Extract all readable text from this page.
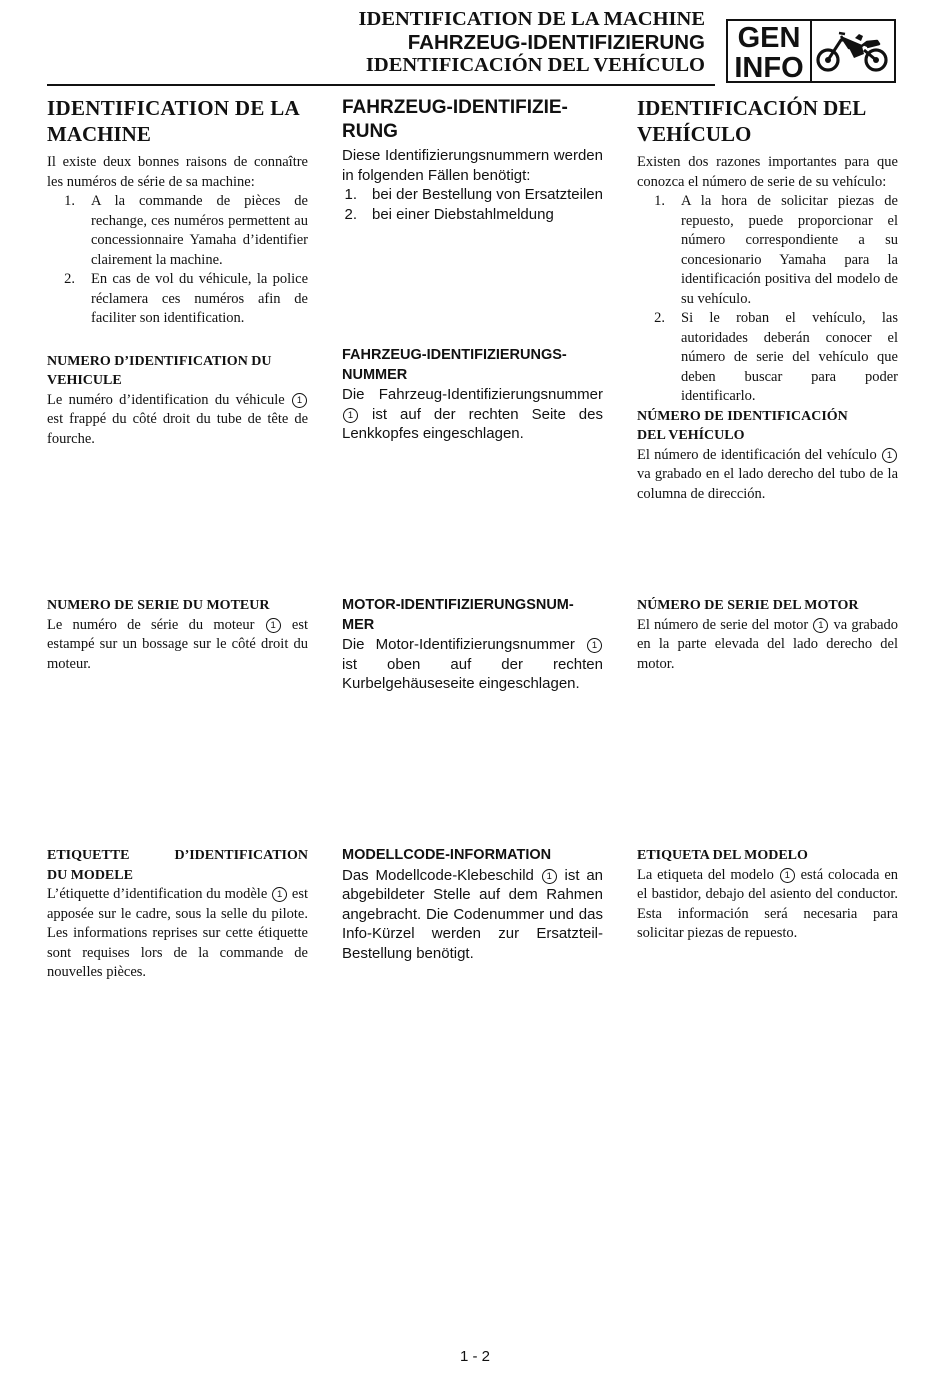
IDENTIFICATION DE LA MACHINE
FAHRZEUG-IDENTIFIZIERUNG
IDENTIFICACIÓN DEL VEHÍCULO
GEN
INFO
IDENTIFICATION DE LA
MACHINE

Il existe deux bonnes raisons de connaître les numéros de série de sa machine:

1.	A la commande de pièces de rechange, ces numéros permettent au concessionnaire Yamaha d’identifier clairement la machine.
2.	En cas de vol du véhicule, la police réclamera ces numéros afin de faciliter son identification.
NUMERO D’IDENTIFICATION DU
VEHICULE

Le numéro d’identification du véhicule 1 est frappé du côté droit du tube de tête de fourche.

NUMERO DE SERIE DU MOTEUR

Le numéro de série du moteur 1 est estampé sur un bossage sur le côté droit du moteur.

ETIQUETTE D’IDENTIFICATION
DU MODELE

L’étiquette d’identification du modèle 1 est apposée sur le cadre, sous la selle du pilote. Les informations reprises sur cette étiquette sont requises lors de la commande de nouvelles pièces.

FAHRZEUG-IDENTIFIZIE-
RUNG

Diese Identifizierungsnummern werden in folgenden Fällen benötigt:

1.	bei der Bestellung von Ersatzteilen
2.	bei einer Diebstahlmeldung
FAHRZEUG-IDENTIFIZIERUNGS-
NUMMER

Die Fahrzeug-Identifizierungsnummer 1 ist auf der rechten Seite des Lenkkopfes eingeschlagen.

MOTOR-IDENTIFIZIERUNGSNUM-
MER

Die Motor-Identifizierungsnummer 1 ist oben auf der rechten Kurbelgehäuseseite eingeschlagen.

MODELLCODE-INFORMATION

Das Modellcode-Klebeschild 1 ist an abgebildeter Stelle auf dem Rahmen angebracht. Die Codenummer und das Info-Kürzel werden zur Ersatzteil-Bestellung benötigt.

IDENTIFICACIÓN DEL
VEHÍCULO

Existen dos razones importantes para que conozca el número de serie de su vehículo:

1.	A la hora de solicitar piezas de repuesto, puede proporcionar el número correspondiente a su concesionario Yamaha para la identificación positiva del modelo de su vehículo.
2.	Si le roban el vehículo, las autoridades deberán conocer el número de serie del vehículo que deben buscar para poder identificarlo.
NÚMERO DE IDENTIFICACIÓN
DEL VEHÍCULO

El número de identificación del vehículo 1 va grabado en el lado derecho del tubo de la columna de dirección.

NÚMERO DE SERIE DEL MOTOR

El número de serie del motor 1 va grabado en la parte elevada del lado derecho del motor.

ETIQUETA DEL MODELO

La etiqueta del modelo 1 está colocada en el bastidor, debajo del asiento del conductor. Esta información será necesaria para solicitar piezas de repuesto.

1 - 2
